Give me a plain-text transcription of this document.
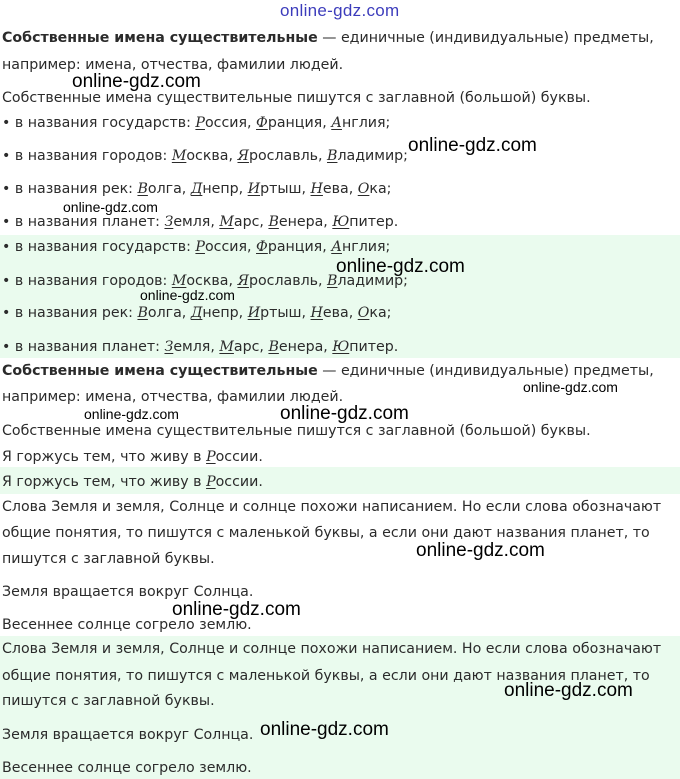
Собственные имена существительные — единичные (индивидуальные) предметы,
например: имена, отчества, фамилии людей.
Собственные имена существительные пишутся с заглавной (большой) буквы.
• в названия государств: Россия, Франция, Англия;
• в названия городов: Москва, Ярославль, Владимир;
• в названия рек: Волга, Днепр, Иртыш, Нева, Ока;
• в названия планет: Земля, Марс, Венера, Юпитер.
• в названия государств: Россия, Франция, Англия;
• в названия городов: Москва, Ярославль, Владимир;
• в названия рек: Волга, Днепр, Иртыш, Нева, Ока;
• в названия планет: Земля, Марс, Венера, Юпитер.
Собственные имена существительные — единичные (индивидуальные) предметы,
например: имена, отчества, фамилии людей.
Собственные имена существительные пишутся с заглавной (большой) буквы.
Я горжусь тем, что живу в России.
Я горжусь тем, что живу в России.
Слова Земля и земля, Солнце и солнце похожи написанием. Но если слова обозначают
общие понятия, то пишутся с маленькой буквы, а если они дают названия планет, то
пишутся с заглавной буквы.
Земля вращается вокруг Солнца.
Весеннее солнце согрело землю.
Слова Земля и земля, Солнце и солнце похожи написанием. Но если слова обозначают
общие понятия, то пишутся с маленькой буквы, а если они дают названия планет, то
пишутся с заглавной буквы.
Земля вращается вокруг Солнца.
Весеннее солнце согрело землю.
online-gdz.com
online-gdz.com
online-gdz.com
online-gdz.com
online-gdz.com
online-gdz.com
online-gdz.com
online-gdz.com	online-gdz.com
online-gdz.com
online-gdz.com
online-gdz.com
online-gdz.com
